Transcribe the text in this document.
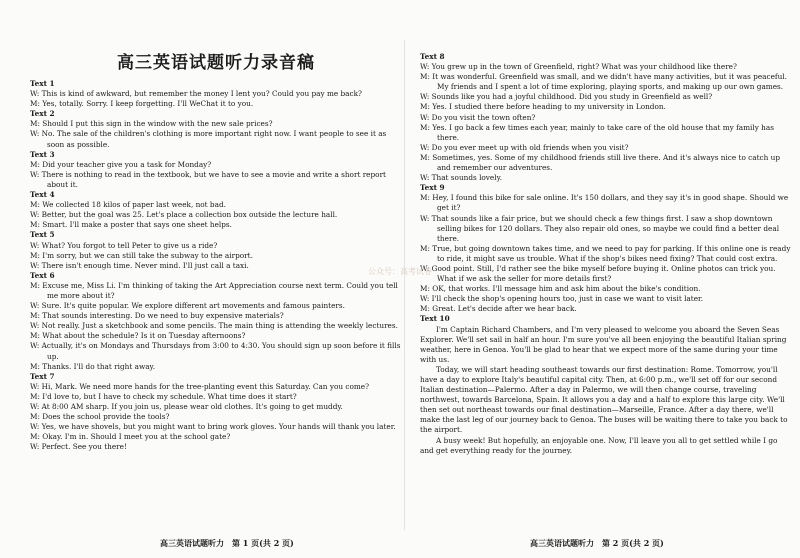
高三英语试题听力录音稿
Text 1
W: This is kind of awkward, but remember the money I lent you? Could you pay me back?
M: Yes, totally. Sorry. I keep forgetting. I'll WeChat it to you.
Text 2
M: Should I put this sign in the window with the new sale prices?
W: No. The sale of the children's clothing is more important right now. I want people to see it as soon as possible.
Text 3
M: Did your teacher give you a task for Monday?
W: There is nothing to read in the textbook, but we have to see a movie and write a short report about it.
Text 4
M: We collected 18 kilos of paper last week, not bad.
W: Better, but the goal was 25. Let's place a collection box outside the lecture hall.
M: Smart. I'll make a poster that says one sheet helps.
Text 5
W: What? You forgot to tell Peter to give us a ride?
M: I'm sorry, but we can still take the subway to the airport.
W: There isn't enough time. Never mind. I'll just call a taxi.
Text 6
M: Excuse me, Miss Li. I'm thinking of taking the Art Appreciation course next term. Could you tell me more about it?
W: Sure. It's quite popular. We explore different art movements and famous painters.
M: That sounds interesting. Do we need to buy expensive materials?
W: Not really. Just a sketchbook and some pencils. The main thing is attending the weekly lectures.
M: What about the schedule? Is it on Tuesday afternoons?
W: Actually, it's on Mondays and Thursdays from 3:00 to 4:30. You should sign up soon before it fills up.
M: Thanks. I'll do that right away.
Text 7
W: Hi, Mark. We need more hands for the tree-planting event this Saturday. Can you come?
M: I'd love to, but I have to check my schedule. What time does it start?
W: At 8:00 AM sharp. If you join us, please wear old clothes. It's going to get muddy.
M: Does the school provide the tools?
W: Yes, we have shovels, but you might want to bring work gloves. Your hands will thank you later.
M: Okay. I'm in. Should I meet you at the school gate?
W: Perfect. See you there!
Text 8
W: You grew up in the town of Greenfield, right? What was your childhood like there?
M: It was wonderful. Greenfield was small, and we didn't have many activities, but it was peaceful. My friends and I spent a lot of time exploring, playing sports, and making up our own games.
W: Sounds like you had a joyful childhood. Did you study in Greenfield as well?
M: Yes. I studied there before heading to my university in London.
W: Do you visit the town often?
M: Yes. I go back a few times each year, mainly to take care of the old house that my family has there.
W: Do you ever meet up with old friends when you visit?
M: Sometimes, yes. Some of my childhood friends still live there. And it's always nice to catch up and remember our adventures.
W: That sounds lovely.
Text 9
M: Hey, I found this bike for sale online. It's 150 dollars, and they say it's in good shape. Should we get it?
W: That sounds like a fair price, but we should check a few things first. I saw a shop downtown selling bikes for 120 dollars. They also repair old ones, so maybe we could find a better deal there.
M: True, but going downtown takes time, and we need to pay for parking. If this online one is ready to ride, it might save us trouble. What if the shop's bikes need fixing? That could cost extra.
W: Good point. Still, I'd rather see the bike myself before buying it. Online photos can trick you. What if we ask the seller for more details first?
M: OK, that works. I'll message him and ask him about the bike's condition.
W: I'll check the shop's opening hours too, just in case we want to visit later.
M: Great. Let's decide after we hear back.
Text 10
I'm Captain Richard Chambers, and I'm very pleased to welcome you aboard the Seven Seas Explorer. We'll set sail in half an hour. I'm sure you've all been enjoying the beautiful Italian spring weather, here in Genoa. You'll be glad to hear that we expect more of the same during your time with us.
Today, we will start heading southeast towards our first destination: Rome. Tomorrow, you'll have a day to explore Italy's beautiful capital city. Then, at 6:00 p.m., we'll set off for our second Italian destination—Palermo. After a day in Palermo, we will then change course, traveling northwest, towards Barcelona, Spain. It allows you a day and a half to explore this large city. We'll then set out northeast towards our final destination—Marseille, France. After a day there, we'll make the last leg of our journey back to Genoa. The buses will be waiting there to take you back to the airport.
A busy week! But hopefully, an enjoyable one. Now, I'll leave you all to get settled while I go and get everything ready for the journey.
公众号：高考试卷
高三英语试题听力　第 1 页(共 2 页)	高三英语试题听力　第 2 页(共 2 页)
